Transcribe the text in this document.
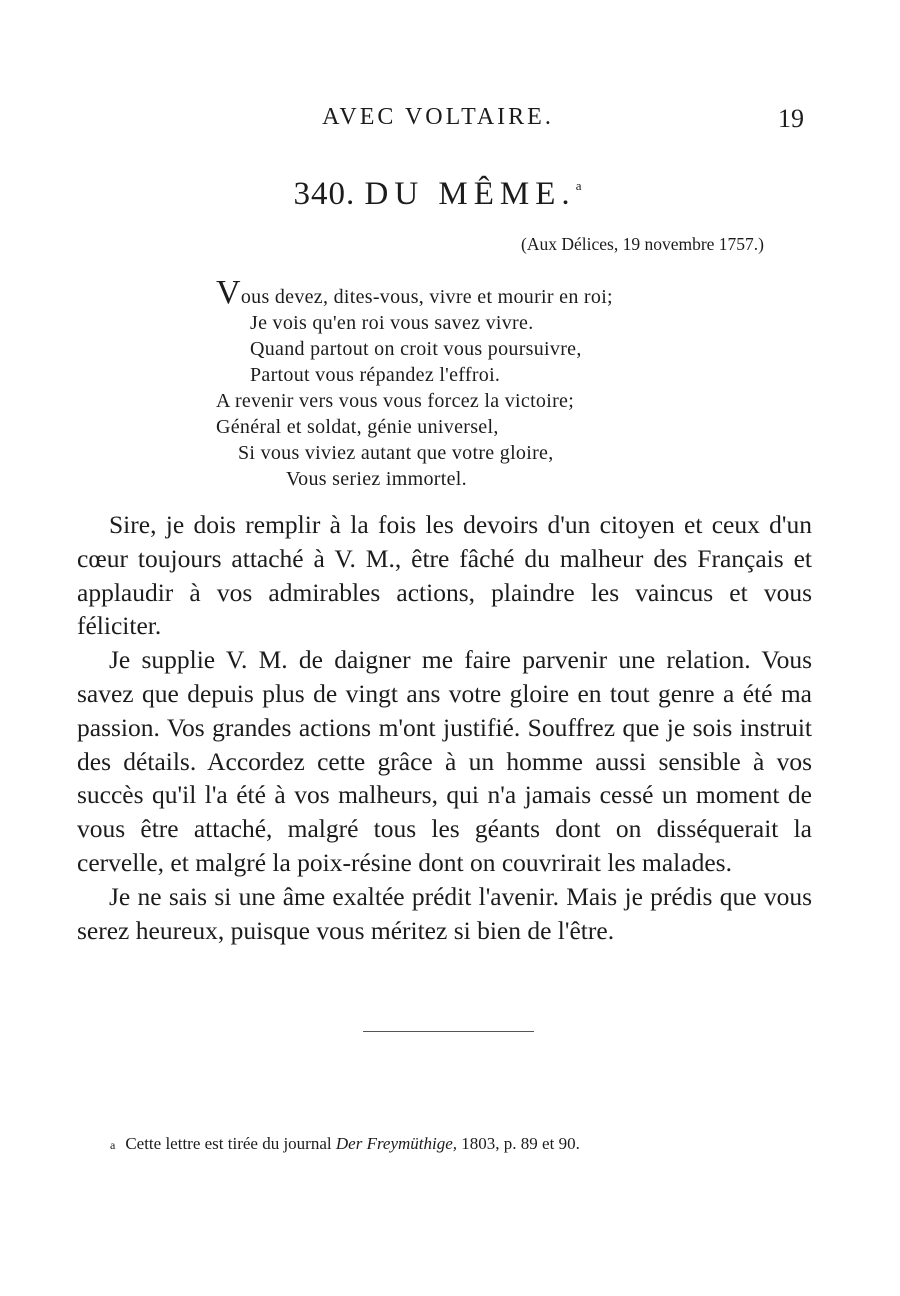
AVEC VOLTAIRE.	19
340. DU MÊME.$^a$
(Aux Délices, 19 novembre 1757.)
Vous devez, dites-vous, vivre et mourir en roi;
Je vois qu'en roi vous savez vivre.
Quand partout on croit vous poursuivre,
Partout vous répandez l'effroi.
A revenir vers vous vous forcez la victoire;
Général et soldat, génie universel,
Si vous viviez autant que votre gloire,
Vous seriez immortel.

Sire, je dois remplir à la fois les devoirs d'un citoyen et ceux d'un cœur toujours attaché à V. M., être fâché du malheur des Français et applaudir à vos admirables actions, plaindre les vaincus et vous féliciter.

Je supplie V. M. de daigner me faire parvenir une relation. Vous savez que depuis plus de vingt ans votre gloire en tout genre a été ma passion. Vos grandes actions m'ont justifié. Souffrez que je sois instruit des détails. Accordez cette grâce à un homme aussi sensible à vos succès qu'il l'a été à vos malheurs, qui n'a jamais cessé un moment de vous être attaché, malgré tous les géants dont on disséquerait la cervelle, et malgré la poix-résine dont on couvrirait les malades.

Je ne sais si une âme exaltée prédit l'avenir. Mais je prédis que vous serez heureux, puisque vous méritez si bien de l'être.

a Cette lettre est tirée du journal Der Freymüthige, 1803, p. 89 et 90.
